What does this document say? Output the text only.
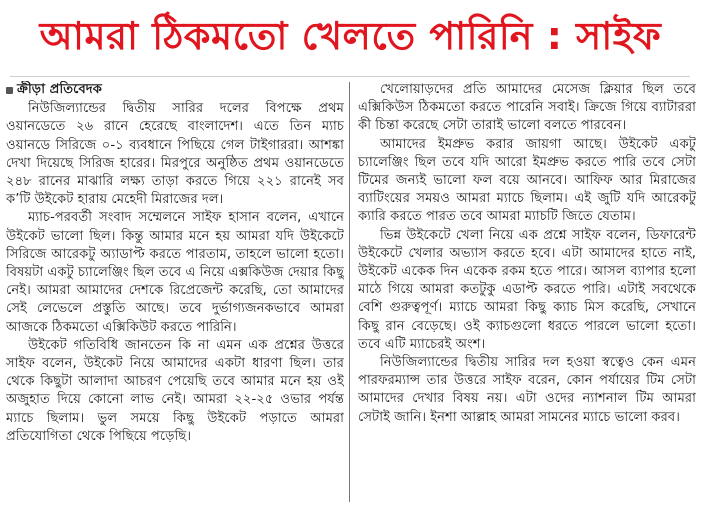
আমরা ঠিকমতো খেলতে পারিনি : সাইফ
ক্রীড়া প্রতিবেদক

নিউজিল্যান্ডের দ্বিতীয় সারির দলের বিপক্ষে প্রথম ওয়ানডেতে ২৬ রানে হেরেছে বাংলাদেশ। এতে তিন ম্যাচ ওয়ানডে সিরিজে ০-১ ব্যবধানে পিছিয়ে গেল টাইগাররা। আশঙ্কা দেখা দিয়েছে সিরিজ হারের। মিরপুরে অনুষ্ঠিত প্রথম ওয়ানডেতে ২৪৮ রানের মাঝারি লক্ষ্য তাড়া করতে গিয়ে ২২১ রানেই সব ক’টি উইকেট হারায় মেহেদী মিরাজের দল।

ম্যাচ-পরবর্তী সংবাদ সম্মেলনে সাইফ হাসান বলেন, এখানে উইকেট ভালো ছিল। কিন্তু আমার মনে হয় আমরা যদি উইকেটে সিরিজে আরেকটু অ্যাডাপ্ট করতে পারতাম, তাহলে ভালো হতো। বিষয়টা একটু চ্যালেঞ্জিং ছিল তবে এ নিয়ে এক্সকিউজ দেয়ার কিছু নেই। আমরা আমাদের দেশকে রিপ্রেজেন্ট করেছি, তো আমাদের সেই লেভেলে প্রস্তুতি আছে। তবে দুর্ভাগ্যজনকভাবে আমরা আজকে ঠিকমতো এক্সিকিউট করতে পারিনি।

উইকেট গতিবিধি জানতেন কি না এমন এক প্রশ্নের উত্তরে সাইফ বলেন, উইকেট নিয়ে আমাদের একটা ধারণা ছিল। তার থেকে কিছুটা আলাদা আচরণ পেয়েছি তবে আমার মনে হয় ওই অজুহাত দিয়ে কোনো লাভ নেই। আমরা ২২-২৫ ওভার পর্যন্ত ম্যাচে ছিলাম। ভুল সময়ে কিছু উইকেট পড়াতে আমরা প্রতিযোগিতা থেকে পিছিয়ে পড়েছি।

খেলোয়াড়দের প্রতি আমাদের মেসেজ ক্লিয়ার ছিল তবে এক্সিকিউস ঠিকমতো করতে পারেনি সবাই। ক্রিজে গিয়ে ব্যাটাররা কী চিন্তা করেছে সেটা তারাই ভালো বলতে পারবেন।

আমাদের ইমপ্রুভ করার জায়গা আছে। উইকেট একটু চ্যালেঞ্জিং ছিল তবে যদি আরো ইমপ্রুভ করতে পারি তবে সেটা টিমের জন্যই ভালো ফল বয়ে আনবে। আফিফ আর মিরাজের ব্যাটিংয়ের সময়ও আমরা ম্যাচে ছিলাম। এই জুটি যদি আরেকটু ক্যারি করতে পারত তবে আমরা ম্যাচটি জিতে যেতাম।

ভিন্ন উইকেটে খেলা নিয়ে এক প্রশ্নে সাইফ বলেন, ডিফারেন্ট উইকেটে খেলার অভ্যাস করতে হবে। এটা আমাদের হাতে নাই, উইকেট একেক দিন একেক রকম হতে পারে। আসল ব্যাপার হলো মাঠে গিয়ে আমরা কতটুকু এডাপ্ট করতে পারি। এটাই সবথেকে বেশি গুরুত্বপূর্ণ। ম্যাচে আমরা কিছু ক্যাচ মিস করেছি, সেখানে কিছু রান বেড়েছে। ওই ক্যাচগুলো ধরতে পারলে ভালো হতো। তবে এটি ম্যাচেরই অংশ।

নিউজিল্যান্ডের দ্বিতীয় সারির দল হওয়া স্বত্বেও কেন এমন পারফরম্যান্স তার উত্তরে সাইফ বরেন, কোন পর্যায়ের টিম সেটা আমাদের দেখার বিষয় নয়। এটা ওদের ন্যাশনাল টিম আমরা সেটাই জানি। ইনশা আল্লাহ আমরা সামনের ম্যাচে ভালো করব।
